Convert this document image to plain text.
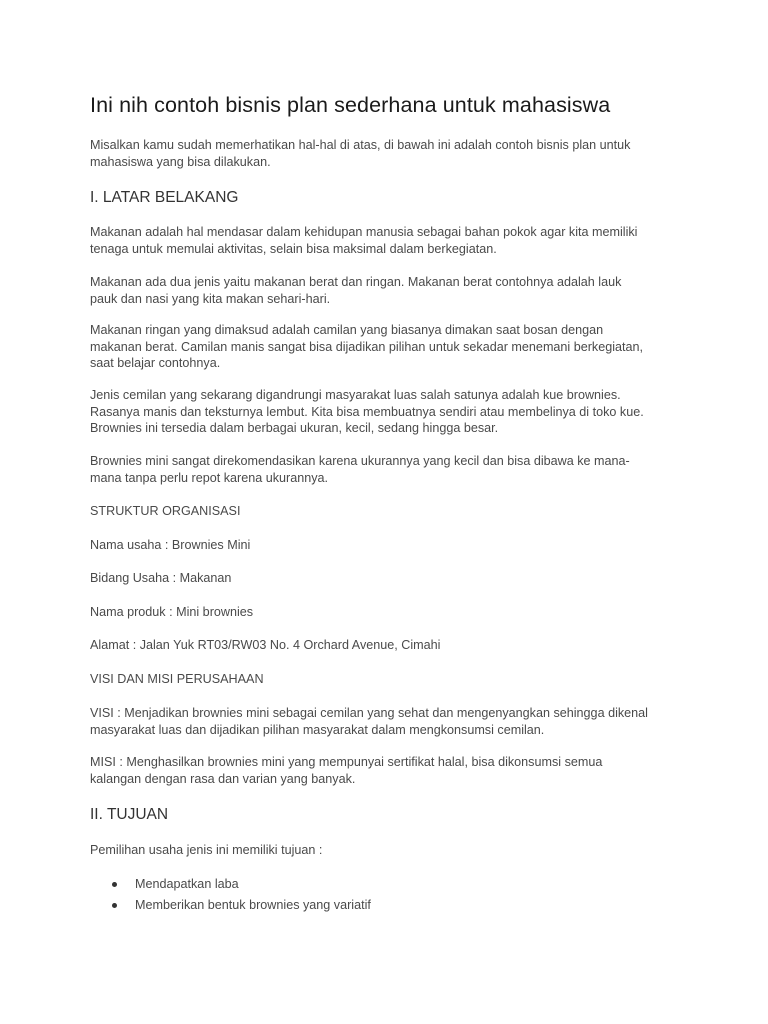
Ini nih contoh bisnis plan sederhana untuk mahasiswa

Misalkan kamu sudah memerhatikan hal-hal di atas, di bawah ini adalah contoh bisnis plan untuk
mahasiswa yang bisa dilakukan.

I. LATAR BELAKANG

Makanan adalah hal mendasar dalam kehidupan manusia sebagai bahan pokok agar kita memiliki
tenaga untuk memulai aktivitas, selain bisa maksimal dalam berkegiatan.

Makanan ada dua jenis yaitu makanan berat dan ringan. Makanan berat contohnya adalah lauk
pauk dan nasi yang kita makan sehari-hari.

Makanan ringan yang dimaksud adalah camilan yang biasanya dimakan saat bosan dengan
makanan berat. Camilan manis sangat bisa dijadikan pilihan untuk sekadar menemani berkegiatan,
saat belajar contohnya.

Jenis cemilan yang sekarang digandrungi masyarakat luas salah satunya adalah kue brownies.
Rasanya manis dan teksturnya lembut. Kita bisa membuatnya sendiri atau membelinya di toko kue.
Brownies ini tersedia dalam berbagai ukuran, kecil, sedang hingga besar.

Brownies mini sangat direkomendasikan karena ukurannya yang kecil dan bisa dibawa ke mana-
mana tanpa perlu repot karena ukurannya.

STRUKTUR ORGANISASI

Nama usaha : Brownies Mini

Bidang Usaha : Makanan

Nama produk : Mini brownies

Alamat : Jalan Yuk RT03/RW03 No. 4 Orchard Avenue, Cimahi

VISI DAN MISI PERUSAHAAN

VISI : Menjadikan brownies mini sebagai cemilan yang sehat dan mengenyangkan sehingga dikenal
masyarakat luas dan dijadikan pilihan masyarakat dalam mengkonsumsi cemilan.

MISI : Menghasilkan brownies mini yang mempunyai sertifikat halal, bisa dikonsumsi semua
kalangan dengan rasa dan varian yang banyak.

II. TUJUAN

Pemilihan usaha jenis ini memiliki tujuan :

Mendapatkan laba
Memberikan bentuk brownies yang variatif
